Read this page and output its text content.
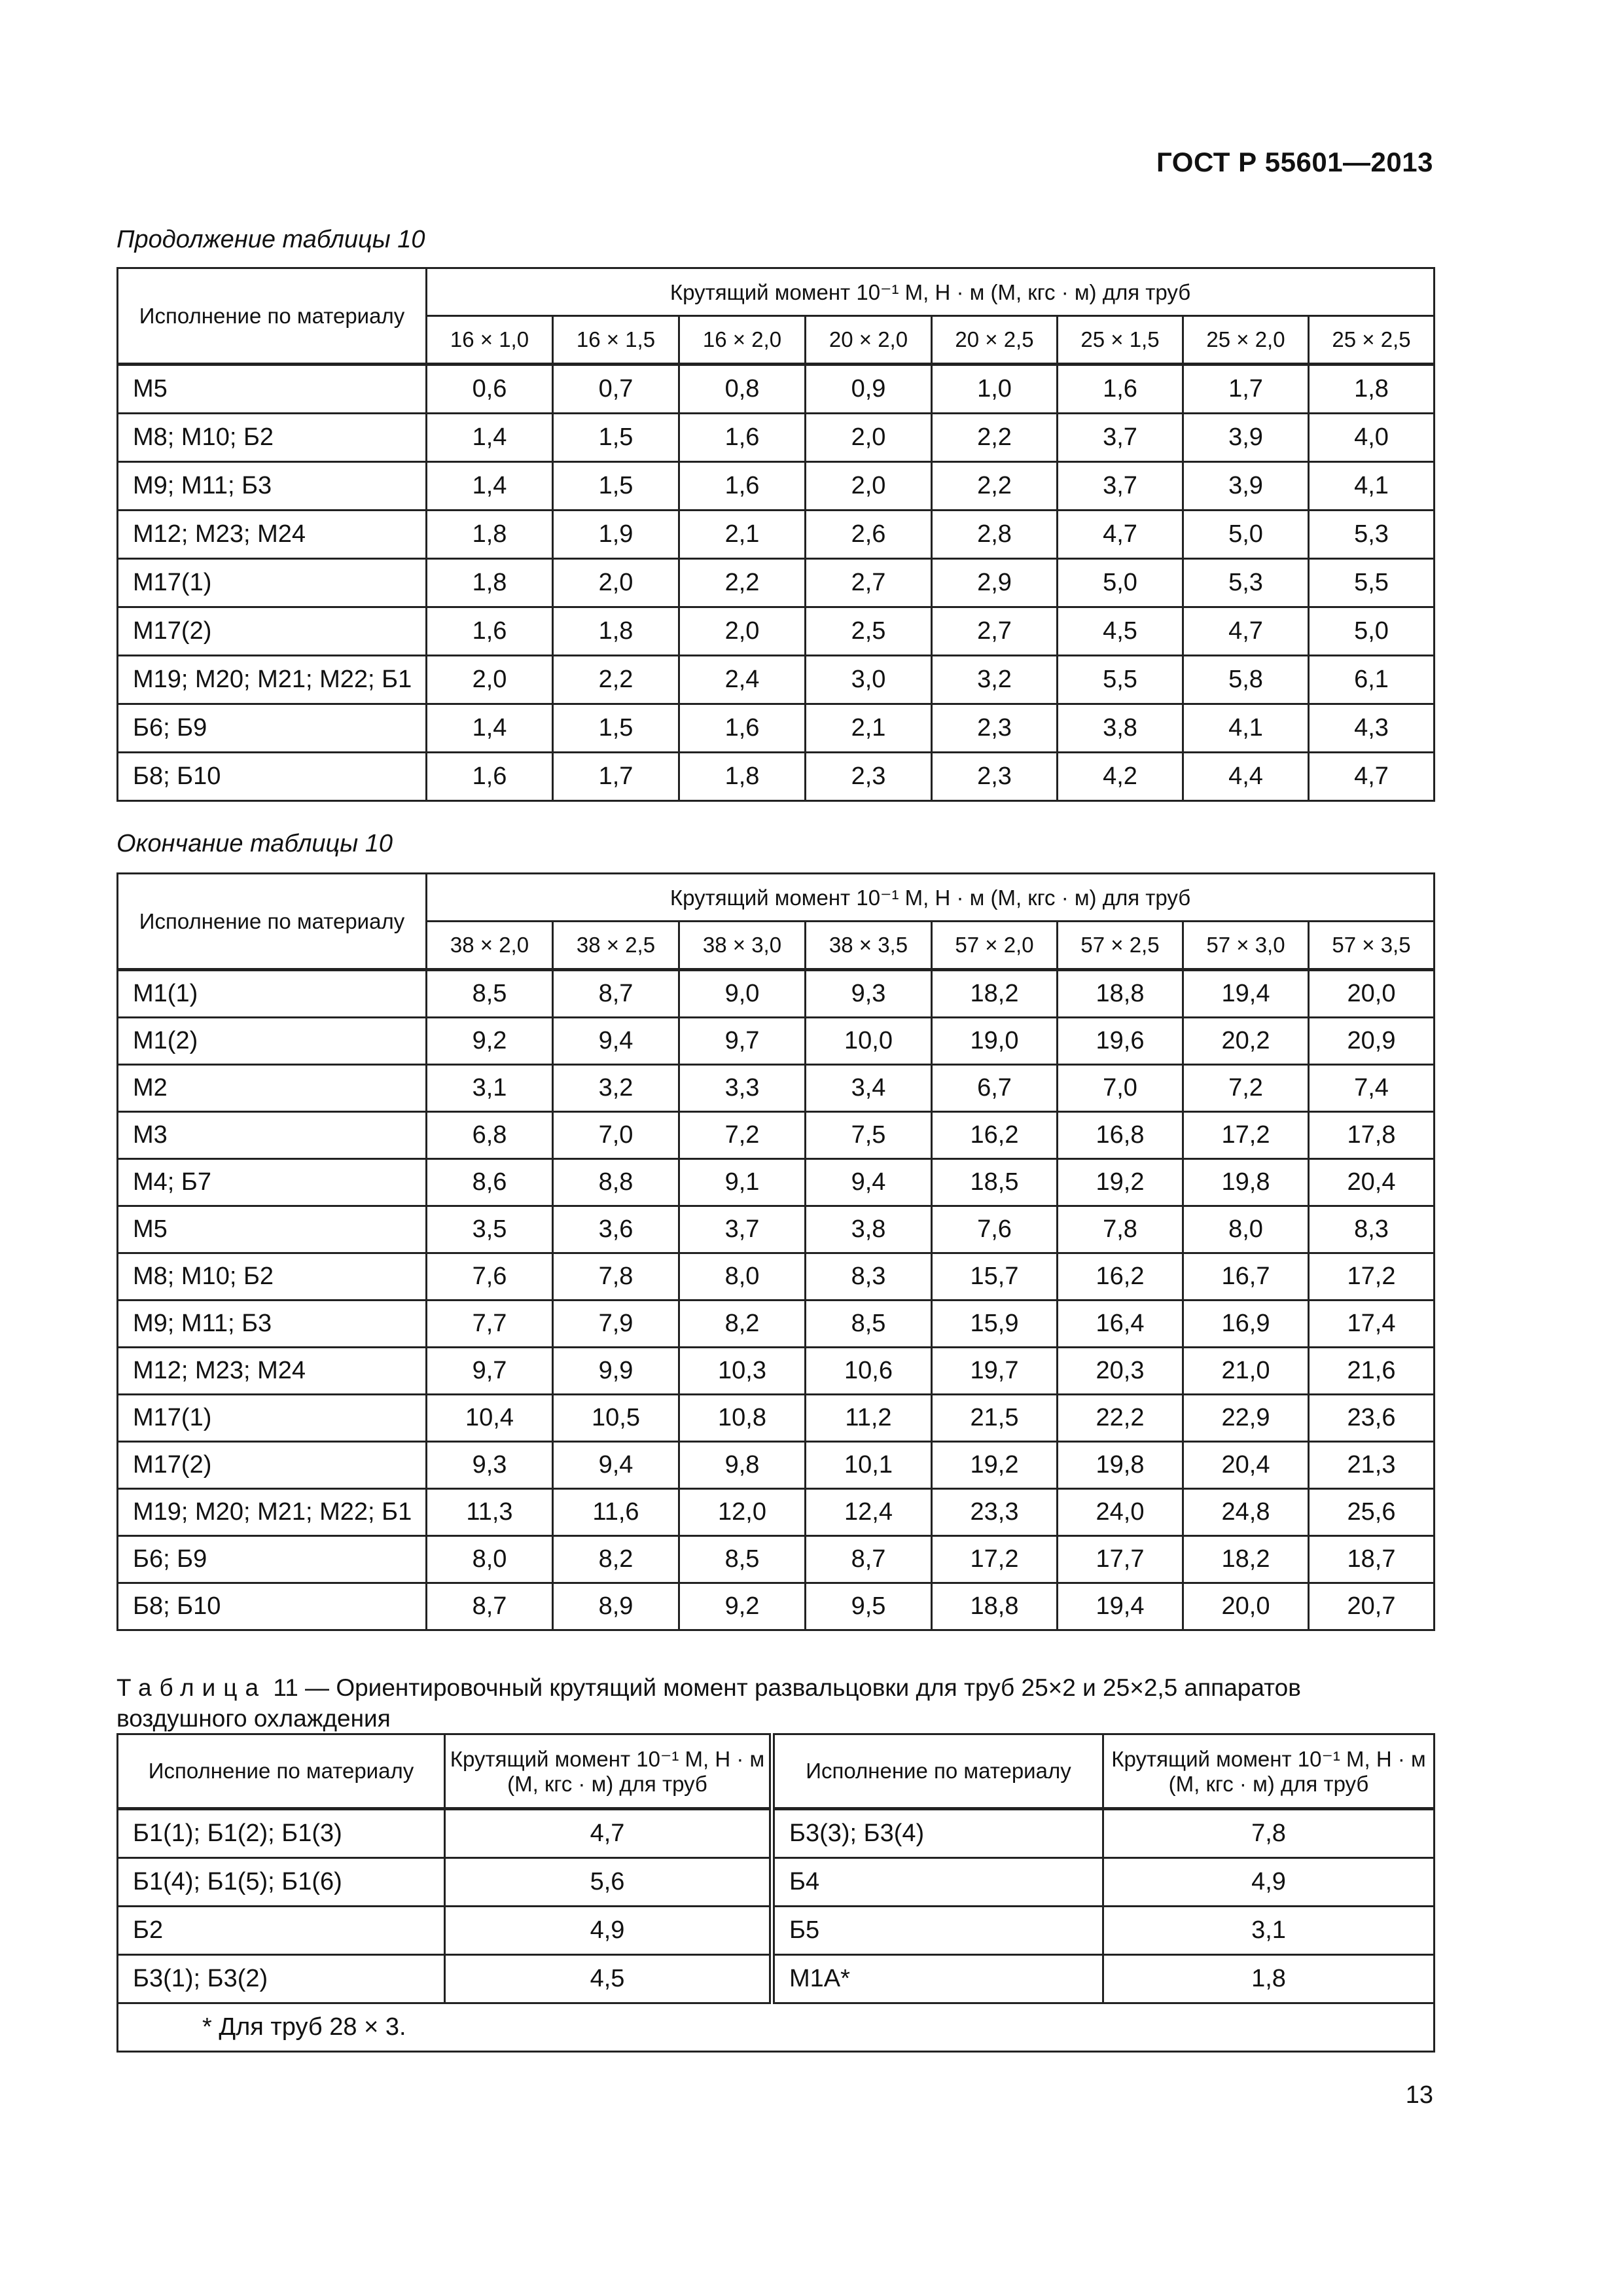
ГОСТ Р 55601—2013
Продолжение таблицы 10
Исполнение по материалу	Крутящий момент 10⁻¹ М, Н · м (М, кгс · м) для труб							
	16 × 1,0	16 × 1,5	16 × 2,0	20 × 2,0	20 × 2,5	25 × 1,5	25 × 2,0	25 × 2,5
М5	0,6	0,7	0,8	0,9	1,0	1,6	1,7	1,8
М8; М10; Б2	1,4	1,5	1,6	2,0	2,2	3,7	3,9	4,0
М9; М11; Б3	1,4	1,5	1,6	2,0	2,2	3,7	3,9	4,1
М12; М23; М24	1,8	1,9	2,1	2,6	2,8	4,7	5,0	5,3
М17(1)	1,8	2,0	2,2	2,7	2,9	5,0	5,3	5,5
М17(2)	1,6	1,8	2,0	2,5	2,7	4,5	4,7	5,0
М19; М20; М21; М22; Б1	2,0	2,2	2,4	3,0	3,2	5,5	5,8	6,1
Б6; Б9	1,4	1,5	1,6	2,1	2,3	3,8	4,1	4,3
Б8; Б10	1,6	1,7	1,8	2,3	2,3	4,2	4,4	4,7
Окончание таблицы 10
Исполнение по материалу	Крутящий момент 10⁻¹ М, Н · м (М, кгс · м) для труб							
	38 × 2,0	38 × 2,5	38 × 3,0	38 × 3,5	57 × 2,0	57 × 2,5	57 × 3,0	57 × 3,5
М1(1)	8,5	8,7	9,0	9,3	18,2	18,8	19,4	20,0
М1(2)	9,2	9,4	9,7	10,0	19,0	19,6	20,2	20,9
М2	3,1	3,2	3,3	3,4	6,7	7,0	7,2	7,4
М3	6,8	7,0	7,2	7,5	16,2	16,8	17,2	17,8
М4; Б7	8,6	8,8	9,1	9,4	18,5	19,2	19,8	20,4
М5	3,5	3,6	3,7	3,8	7,6	7,8	8,0	8,3
М8; М10; Б2	7,6	7,8	8,0	8,3	15,7	16,2	16,7	17,2
М9; М11; Б3	7,7	7,9	8,2	8,5	15,9	16,4	16,9	17,4
М12; М23; М24	9,7	9,9	10,3	10,6	19,7	20,3	21,0	21,6
М17(1)	10,4	10,5	10,8	11,2	21,5	22,2	22,9	23,6
М17(2)	9,3	9,4	9,8	10,1	19,2	19,8	20,4	21,3
М19; М20; М21; М22; Б1	11,3	11,6	12,0	12,4	23,3	24,0	24,8	25,6
Б6; Б9	8,0	8,2	8,5	8,7	17,2	17,7	18,2	18,7
Б8; Б10	8,7	8,9	9,2	9,5	18,8	19,4	20,0	20,7
Таблица 11 — Ориентировочный крутящий момент развальцовки для труб 25×2 и 25×2,5 аппаратов воздушного охлаждения
Исполнение по материалу	Крутящий момент 10⁻¹ М, Н · м (М, кгс · м) для труб	Исполнение по материалу	Крутящий момент 10⁻¹ М, Н · м (М, кгс · м) для труб
Б1(1); Б1(2); Б1(3)	4,7	Б3(3); Б3(4)	7,8
Б1(4); Б1(5); Б1(6)	5,6	Б4	4,9
Б2	4,9	Б5	3,1
Б3(1); Б3(2)	4,5	М1А*	1,8
* Для труб 28 × 3.			
13
